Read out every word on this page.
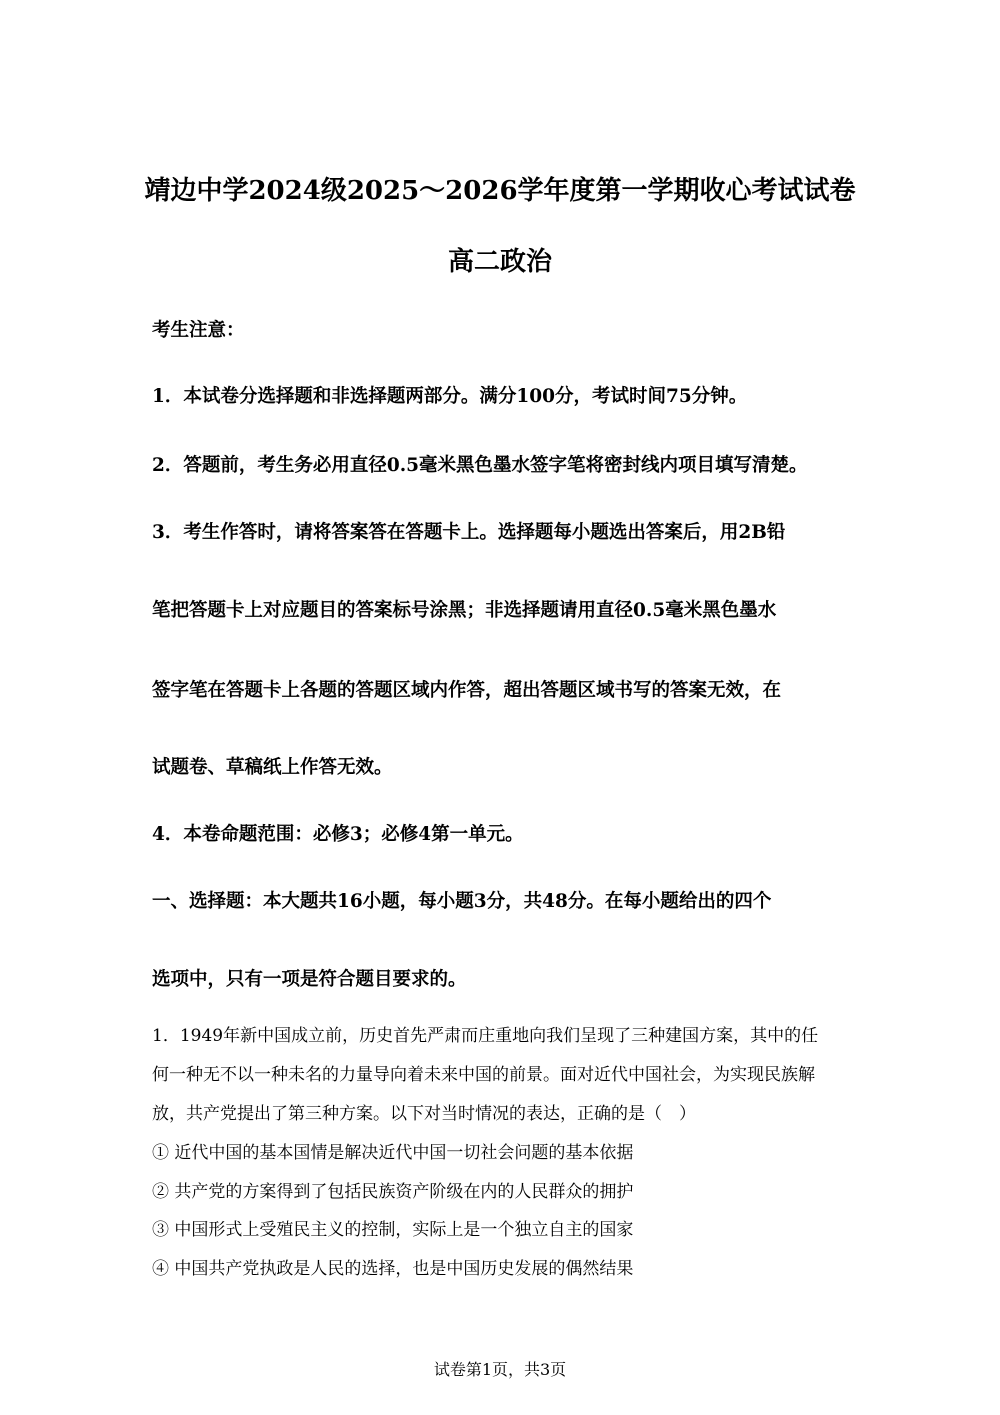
靖边中学2024级2025～2026学年度第一学期收心考试试卷
高二政治
考生注意：
1．本试卷分选择题和非选择题两部分。满分100分，考试时间75分钟。
2．答题前，考生务必用直径0.5毫米黑色墨水签字笔将密封线内项目填写清楚。
3．考生作答时，请将答案答在答题卡上。选择题每小题选出答案后，用2B铅
笔把答题卡上对应题目的答案标号涂黑；非选择题请用直径0.5毫米黑色墨水
签字笔在答题卡上各题的答题区域内作答，超出答题区域书写的答案无效，在
试题卷、草稿纸上作答无效。
4．本卷命题范围：必修3；必修4第一单元。
一、选择题：本大题共16小题，每小题3分，共48分。在每小题给出的四个
选项中，只有一项是符合题目要求的。
1．1949年新中国成立前，历史首先严肃而庄重地向我们呈现了三种建国方案，其中的任
何一种无不以一种未名的力量导向着未来中国的前景。面对近代中国社会，为实现民族解
放，共产党提出了第三种方案。以下对当时情况的表达，正确的是（　）
① 近代中国的基本国情是解决近代中国一切社会问题的基本依据
② 共产党的方案得到了包括民族资产阶级在内的人民群众的拥护
③ 中国形式上受殖民主义的控制，实际上是一个独立自主的国家
④ 中国共产党执政是人民的选择，也是中国历史发展的偶然结果
试卷第1页，共3页
